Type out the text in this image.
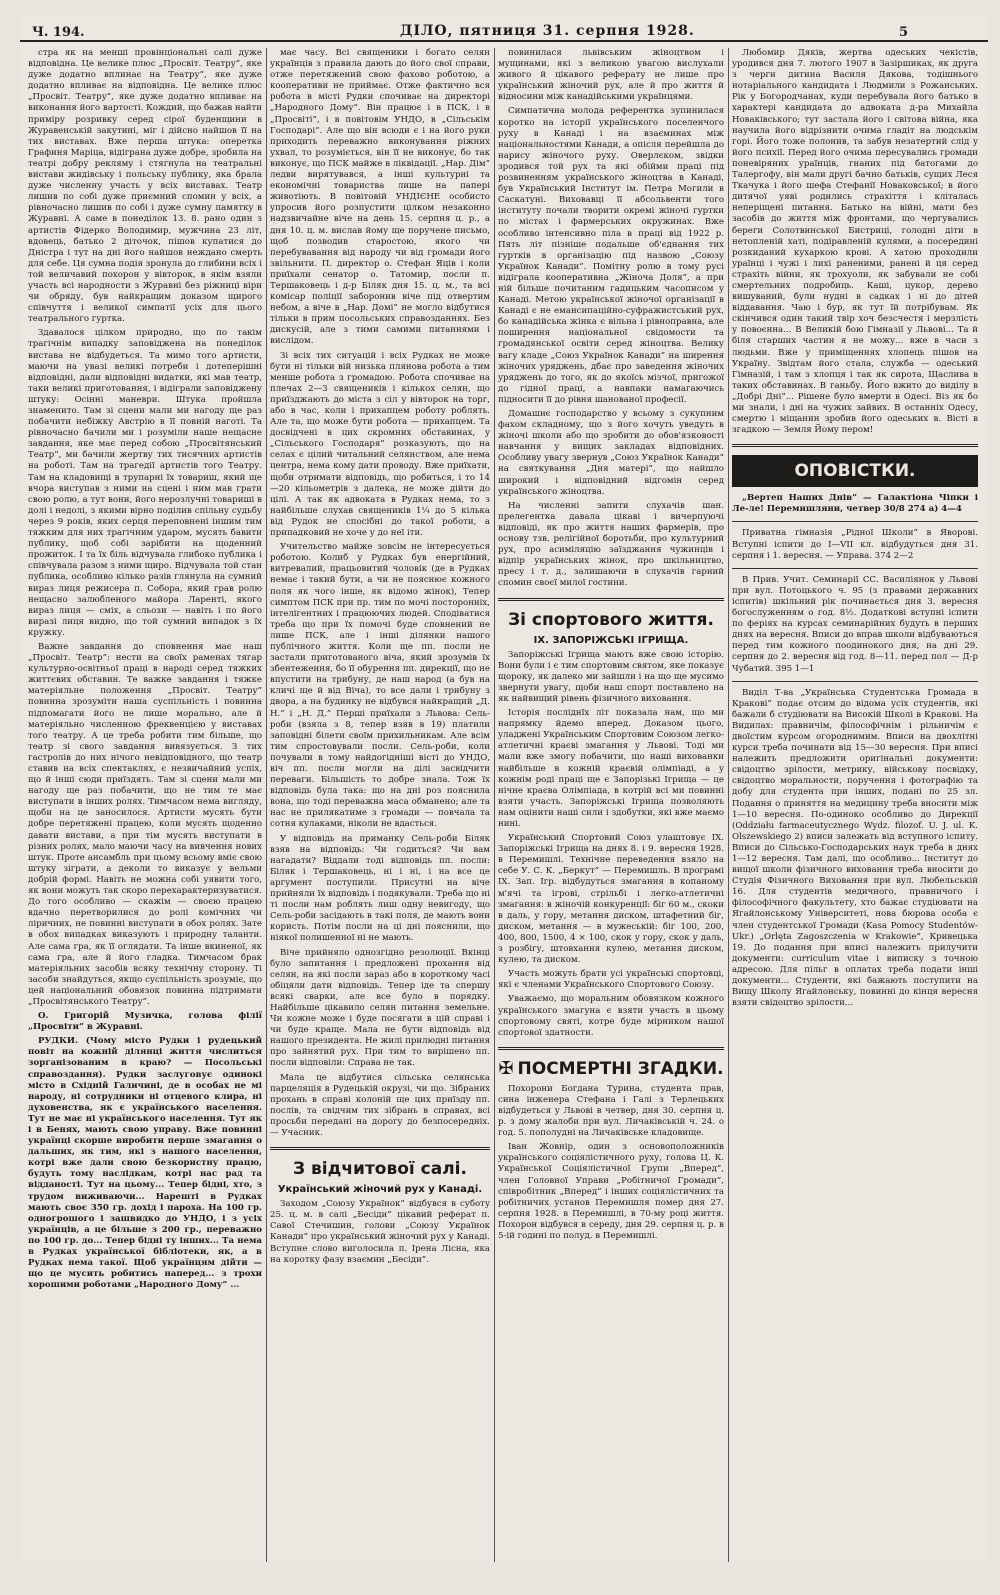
Ч. 194.	ДІЛО, пятниця 31. серпня 1928.	5

стра як на менші провінціональні салі дуже відповідна. Це велике плюс „Просвіт. Театру”, яке дуже додатно вплинає на Театру”, яке дуже додатно впливає на відповідна. Це велике плюс „Просвіт. Театру”, яке дуже додатно впливає на виконання його вартості. Кождий, що бажав найти приміру розривку серед сірої буденщини в Журавенській закутині, міг і дійсно найшов її на тих виставах. Вже перша штука: оперетка Графиня Маріца, відіграна дуже добре, зробила на театрі добру рекляму і стягнула на театральні вистави жидівську і польську публику, яка брала дуже численну участь у всіх виставах. Театр лишив по собі дуже приємний спомин у всіх, а рівночасно лишив по собі і дуже сумну памятку в Журавні. А саме в понеділок 13. 8. рано один з артистів Фідерко Володимир, мужчина 23 літ, вдовець, батько 2 діточок, пішов купатися до Дністра і тут на дні його найшов неждано смерть для себе. Ця сумна подія зронула до глибини всіх і той величавий похорон у вівторок, в якім взяли участь всі народности з Журавні без ріжниці віри чи обряду, був найкращим доказом щирого співчуття і великої симпатії усіх для цього театрального гуртка.

Здавалося цілком природно, що по такім трагічнім випадку заповіджена на понеділок вистава не відбудеться. Та мимо того артисти, маючи на увазі великі потреби і дотеперішні відповідні, дали відповідні видатки, які мав театр, таки великі приготовання, і відіграли заповіджену штуку: Осінні маневри. Штука пройшла знаменито. Там зі сцени мали ми нагоду ще раз побачити небіжку Австрію в її повній наготі. Та рівночасно бачили ми і розуміли наше нещасне завдання, яке має перед собою „Просвітянський Театр”, ми бачили жертву тих тисячних артистів на роботі. Там на трагедії артистів того Театру. Там на кладовищі в трупарні їх товариш, який ще вчора виступав з ними на сцені і ним мав грати свою ролю, а тут вони, його нерозлучні товариші в долі і недолі, з якими вірно поділив спільну судьбу через 9 років, яких серця переповнені іншим тим тяжким для них трагічним ударом, мусять бавити публику, щоб собі зарібити на щоденний прожиток. І та їх біль відчувала глибоко публика і співчувала разом з ними щиро. Відчувала той стан публика, особливо кілько разів глянула на сумний вираз лиця режисера п. Собора, який грав ролю нещасно залюбленого майора Ларенті, якого вираз лиця — сміх, а сльози — навіть і по його виразі лиця видно, що той сумний випадок з їх кружку.

Важне завдання до сповнення має наш „Просвіт. Театр”: нести на своїх раменах тягар культурно-освітньої праці в народі серед тяжких життєвих обставин. Те важке завдання і тяжке матеріяльне положення „Просвіт. Театру” повинна зрозуміти наша суспільність і повинна підпомагати його не лише морально, але й матеріяльно численною фреквенцією у виставах того театру. А це треба робити тим більше, що театр зі свого завдання вивязується. З тих гастролів до них нічого невідповідного, що театр ставив на всіх спектаклях, є незвичайний успіх, що й інші сюди приїздять. Там зі сцени мали ми нагоду ще раз побачити, що не тим те має виступати в інших ролях. Тимчасом нема вигляду, щоби на це заносилося. Артисти мусять бути добре перетяжені працею, коли мусять щоденно давати вистави, а при тім мусять виступати в різних ролях, мало маючи часу на вивчення нових штук. Проте ансамбль при цьому всьому вміє свою штуку зіграти, а деколи то виказує у вельми добрій формі. Навіть не можна собі уявити того, як вони можуть так скоро перехарактеризуватися. До того особливо — скажім — своєю працею вдачно перетворилися до ролі комічних чи ліричних, не повинні виступати в обох ролях. Зате в обох випадках виказують і природну таланти. Але сама гра, як її оглядати. Та інше вкиненої, як сама гра, але й його гладка. Тимчасом брак матеріяльних засобів всяку технічну сторону. Ті засоби знайдуться, якщо суспільність зрозуміє, що цей національний обовязок повинна підтримати „Просвітянського Театру”.

О. Григорій Музичка, голова філії „Просвіти” в Журавні.

РУДКИ. (Чому місто Рудки і рудецький повіт на кожній ділянці життя числиться зорганізованим в краю? — Посольські справоздання). Рудки заслуговує одинокі місто в Східній Галичині, де в особах не мі народу, ні сотрудники ні отцевого клира, ні духовенства, як є українського населення. Тут не має ні українського населення. Тут як і в Бенях, мають свою управу. Вже повинні українці скорше виробити перше змагання о дальших, як тим, які з нашого населення, котрі вже дали свою безкористну працю, будуть тому наслідкам, котрі нас рад та відданості. Тут на цьому... Тепер бідні, хто, з трудом виживаючи... Нарешті в Рудках мають своє 350 гр. дохід і пароха. На 100 гр. одногрошого і зашвидко до УНДО, і з усіх українців, а це більше з 200 гр., переважно по 100 гр. до... Тепер бідні ту інших... Та нема в Рудках української бібліотеки, як, а в Рудках нема такої. Щоб українцям дійти — що це мусить робитись наперед... з трохи хорошими роботами „Народного Дому” ...

має часу. Всі священики і богато селян українців з правила дають до його свої справи, отже перетяжений свою фахово роботою, а кооперативи не приймає. Отже фактично вся робота в місті Рудки спочиває на директорі „Народного Дому”. Він працює і в ПСК, і в „Просвіті”, і в повітовім УНДО, в „Сільськім Господарі”. Але що він всюди є і на його руки приходить переважно виконування ріжних ухвал, то розуміється, він її не виконує, бо так виконує, що ПСК майже в ліквідації. „Нар. Дім” ледви вирятувався, а інші культурні та економічні товариства лише на папері животіють. В повітовій УНДІЄНЕ особисто упросив його розпустити цілком незаконно надзвичайне віче на день 15. серпня ц. р., а дня 10. ц. м. вислав йому ще поручене письмо, щоб позводив старостою, якого чи перебувавання від народу чи від громади його звільнити. П. директор о. Стефан Яців і коли приїхали сенатор о. Татомир, посли п. Тершаковець і д-р Біляк дня 15. ц. м., та всі комісар поліції заборонив віче під отвертим небом, а віче в „Нар. Домі” не могло відбутися тільки в прим посольських справозданнях. Без дискусій, але з тими самими питаннями і вислідом.

Зі всіх тих ситуацій і всіх Рудках не може бути ні тільки вій низька плянова робота а тим менше робота з громадою. Робота спочиває на плечах 2—3 священиків і кількох селян, що приїзджають до міста з сіл у вівторок на торг, або в час, коли і прихапцем роботу роблять. Але та, що може бути робота — прихапцем. Та досвідчені в цих скромних обставинах, у „Сільського Господаря” розказують, що на селах є цілий читальний селянством, але нема центра, нема кому дати проводу. Вже приїхати, щоби отримати відповідь, що робиться, і то 14—20 кільометрів з далека, не може дійти до цілі. А так як адвоката в Рудках нема, то з найбільше слухав священиків 1¼ до 5 кілька від Рудок не спосібні до такої роботи, а припадковий не хоче у до неї іти.

Учительство майже зовсім не інтересується роботою. Колиб у Рудках був енергійний, витревалий, працьовитий чоловік (де в Рудках немає і такий бути, а чи не пояснює кожного поля як чого інше, як відомо жінок), Тепер симптом ПСК при пр. тим по мочі посторонніх, інтелігентних і працюючих людей. Сподіватися треба що при їх помочі буде сповнений не лише ПСК, але і інші ділянки нашого публічного життя. Коли ще пп. посли не застали приготованого віча, який зрозумів їх збентеження, бо її обурення пп. дирекції, що не впустити на трибуну, де наш народ (а був на кличі ще й від Віча), то все дали і трибуну з двора, а на будинку не відбувся найкращий „Д. Н.” і „Н. Д.” Перші приїхали з Львова: Сель-роби (взяла з 8, тепер взяв в 19) платили заповідні білети своїм прихильникам. Але всім тим спростовували посли. Сель-роби, коли почували в тому найдогідніші вісті до УНДО, віч пп. посли могли на ділі засвідчити переваги. Більшість то добре знала. Тож їх відповідь була така: що на дні роз пояснила вона, що тоді переважна маса обманено; але та нас не прилякатиме з громади — повчала та сотня кулаками, ніколи не вдасться.

У відповідь на приманку Сель-роби Біляк взяв на відповідь: Чи годиться? Чи вам нагадати? Віддали тоді відповідь пп. посли: Біляк і Тершаковець, ні і ні, і на все це аргумент поступили. Присутні на віче прийняли їх відповідь і подякували. Треба що ні ті посли нам роблять лиш одну невигоду, що Сель-роби засідають в такі поля, де мають вони користь. Потім посли на ці дні пояснили, що ніякої полишенної ні не мають.

Віче прийняло однозгідно резолюції. Вкінці було запитання і предложені прохання від селян, на які посли зараз або в короткому часі обіцяли дати відповідь. Тепер іде та спершу всякі сварки, але все було в порядку. Найбільше цікавило селян питання земельне. Чи кожне може і буде посягати в цій справі і чи буде краще. Мала не бути відповідь від нашого президента. Не жилі прилюдні питання про зайнятий рух. При тим то вирішено пп. посли відповіли: Справа не так.

Мала це відбутися сільська селянська парцеляція в Рудецькій окрузі, чи що. Зібраних прохань в справі колоній ще цих приїзду пп. послів, та свідчим тих зібрань в справах, всі просьби передані на дорогу до безпосередніх. — Учасник.

З відчитової салі.
Український жіночий рух у Канаді.

Заходом „Союзу Українок” відбувся в суботу 25. ц. м. в салі „Бесіди” цікавий реферат п. Савої Стечишин, голови „Союзу Українок Канади” про український жіночий рух у Канаді. Вступне слово виголосила п. Ірена Лісна, яка на коротку фазу взаємин „Бесіди”.

повинилася львівським жіноцтвом і мущинами, які з великою увагою вислухали живого й цікавого реферату не лише про український жіночий рух, але й про життя й відносини між канадійськими українцями.

Симпатична молода референтка зупинилася коротко на історії українського поселенчого руху в Канаді і на взаєминах між національностями Канади, а опісля перейшла до нарису жіночого руху. Оверлєком, звідки зродився той рух та які обійми праці під розвиненням українського жіноцтва в Канаді, був Український Інститут ім. Петра Могили в Саскатуні. Виховавці її абсольвенти того інституту почали творити окремі жіночі гуртки по містах і фармерських окружинах. Вже особливо інтенсивно піла в праці від 1922 р. Пять літ пізніше подальше об'єднання тих гуртків в організацію під назвою „Союзу Українок Канади”. Помітну ролю в тому русі відіграла кооперативна „Жіноча Доля”, а при ній більше почитаним гадицьким часописом у Канаді. Метою української жіночої організації в Канаді є не емансипаційно-суфражистський рух, бо канадійська жінка є вільна і рівноправна, але поширення національної свідомости та громадянської освіти серед жіноцтва. Велику вагу кладе „Союз Українок Канади” на ширення жіночих уряджень, дбає про заведення жіночих уряджень до того, як до якоїсь мізчої, пригожої до гідної праці, а навпаки намагаючись підносити її до рівня шанованої професії.

Домашнє господарство у всьому з сукупним фахом складному, що з його хочуть уведуть в жіночі школи або що зробити до обов'язковості навчання у вищих закладах відповідних. Особливу увагу звернув „Союз Українок Канади” на святкування „Дня матері”, що найшло широкий і відповідний відгомін серед українського жіноцтва.

На численні запити слухачів шан. прелегентка давала цікаві і вичерпуючі відповіді, як про життя наших фармерів, про основу тзв. релігійної боротьби, про культурний рух, про асиміляцію заїзджання чужинців і відпір українських жінок, про шкільництво, пресу і т. д., залишаючи в слухачів гарний спомин своєї милої гостини.

Зі спортового життя.
IX. ЗАПОРІЖСЬКІ ІГРИЩА.

Запоріжські Ігрища мають вже свою історію. Вони були і є тим спортовим святом, яке показує щороку, як далеко ми зайшли і на що ще мусимо звернути увагу, щоби наш спорт поставлено на як найвищий рівень фізичного виховання.

Історія посліднїх літ показала нам, що ми напрямку йдемо вперед. Доказом цього, уладжені Українським Спортовим Союзом легко-атлетичні краєві змагання у Львові. Тоді ми мали вже змогу побачити, що наші вихованки найбільше в кожній краєвій олімпіаді, а у кожнім роді праці ще є Запорізькі Ігрища — це нічне краєва Олімпіада, в котрій всі ми повинні взяти участь. Запоріжські Ігрища позволяють нам оцінити наші сили і здобутки, які вже маємо нині.

Український Спортовий Союз улаштовує IX. Запоріжські Ігрища на днях 8. і 9. вересня 1928. в Перемишлі. Технічне переведення взяло на себе У. С. К. „Беркут” — Перемишль. В програмі IX. Зап. Ігр. відбудуться змагання в копаному м'ячі та ігрові, стрільбі і легко-атлетичні змагання: в жіночій конкуренції: біг 60 м., скоки в даль, у гору, метання диском, штафетний біг, диском, метання — в мужеській: біг 100, 200, 400, 800, 1500, 4 × 100, скок у гору, скок у даль, з розбігу, штовхання кулею, метання диском, кулею, та диском.

Участь можуть брати усі українські спортовці, які є членами Українського Спортового Союзу.

Уважаємо, що моральним обовязком кожного українського змагуна є взяти участь в цьому спортовому святі, котре буде мірником нашої спортової здатности.

✠ ПОСМЕРТНІ ЗГАДКИ.

Похорони Богдана Турина, студента прав, сина інженера Стефана і Галі з Терлецьких відбудеться у Львові в четвер, дня 30. серпня ц. р. з дому жалоби при вул. Личаківській ч. 24. о год. 5. пополудні на Личаківське кладовище.

Іван Жовнір, один з основоположників українського соціялістичного руху, голова Ц. К. Української Соціялістичної Групи „Вперед”, член Головної Управи „Робітничої Громади”, співробітник „Вперед” і інших соціялістичних та робітничих установ Перемишля помер дня 27. серпня 1928. в Перемишлі, в 70-му році життя. Похорон відбувся в середу, дня 29. серпня ц. р. в 5-ій годині по полуд. в Перемишлі.

Любомир Дяків, жертва одеських чекістів, уродився дня 7. лютого 1907 в Зазіршиках, як друга з черги дитина Василя Дякова, тодішнього нотаріального кандидата і Людмили з Рожанських. Рік у Богородчанах, куди перебувала його батько в характері кандидата до адвоката д-ра Михайла Новаківського; тут застала його і світова війна, яка научила його відрізнити очима гладіт на людськім горі. Його тоже полонив, та забув незатертий слід у його психії. Перед його очима пересувались громади поневіряних ураїнців, гнаних під батогами до Талергофу, він мали другі бачно батьків, сущих Леся Ткачука і його шефа Стефанії Новаковської; в його дитячої уяві родились страхіття і кліталась неперіщені питання. Батько на війні, мати без засобів до життя між фронтами, що чергувались береги Солотвинської Бистриці, голодні діти в нетопленій хаті, подіравленій кулями, а посередині розкиданий кухаркою крові. А хатою проходили ураїнці і чужі і лихі раненими, ранені й ця серед страхіть війни, як трохуоли, як забували не собі смертельних подробиць. Каші, цукор, дерево вишуваний, були нудні в садках і ні до дітей віддавання. Чаю і бур, як тут їй потрібувам. Як скінчився один такий твір хоч безсчестя і мерзлість у повоєнна... В Великій бою Гімназії у Львові... Та й біля старших частин я не можу... вже в часи з людьми. Вже у приміщеннях хлопець пішов на Україну. Звідтам його стала, служба — одеський Гімназій, і там з хлопця і так як сирота, Щаслива в таких обставинах. В ганьбу. Його вжито до виділу в „Добрі Дні”... Рішене було вмерти в Одесі. Віз як бо ми знали, і дні на чужих зайвих. В останніх Одесу, смертю і міщанин зробив його одеських в. Вісті в згадкою — Земля Йому пером!

ОПОВІСТКИ.

„Вертеп Наших Днів” — Галактіона Чіпки і Ле-ле! Перемишляни, четвер 30/8 274 а) 4—4

Приватна гімназія „Рідної Школи” в Яворові. Вступні іспити до І—VII кл. відбудуться дня 31. серпня і 1. вересня. — Управа. 374 2—2

В Прив. Учит. Семинарії СС. Василіянок у Львові при вул. Потоцького ч. 95 (з правами державних іспитів) шкільний рік починається дня 3. вересня богослуженням о год. 8½. Додаткові вступні іспити по феріях на курсах семинарійних будуть в перших днях на вересня. Вписи до вправ школи відбуваються перед тим кожного поодинокого дня, на дні 29. серпня до 2. вересня від год. 8—11. перед пол — Д-р Чубатий. 395 1—1

Виділ Т-ва „Українська Студентська Громада в Кракові” подає отсим до відома усіх студентів, які бажали б студіювати на Високій Школі в Кракові. На Видилах: правничім, філософічнім і рільничім є двоїстим курсом огороднимим. Вписи на двохлітні курси треба починати від 15—30 вересня. При вписі належить предложити оригінальні документи: свідоцтво зрілости, метрику, військову посвідку, свідоцтво моральности, поручення і фотографію та добу для студента при інших, подані по 25 зл. Подання о приняття на медицину треба вносити між 1—10 вересня. По-одиноко особливо до Дирекції (Oddziału farmaceutycznego Wydz. filozof. U. J. ul. K. Olszewskiego 2) вписи залежать від вступного іспиту. Вписи до Сільсько-Господарських наук треба в днях 1—12 вересня. Там далі, що особливо... Інститут до вищої школи фізичного виховання треба вносити до Студія Фізичного Виховання при вул. Любельській 16. Для студентів медичного, правничого і філософічного факультету, хто бажає студіювати на Ягайлонському Університеті, нова бюрова особа є член студентської Громади (Kasa Pomocy Studentów-Ukr.) „Orlęta Zagoszczenia w Krakowie”, Кривецька 19. До подання при вписі належить прилучити документи: curriculum vitae і виписку з точною адресою. Для пільг в оплатах треба подати інші документи... Студенти, які бажають поступити на Вищу Школу Ягайлонську, повинні до кінця вересня взяти свідоцтво зрілости...
